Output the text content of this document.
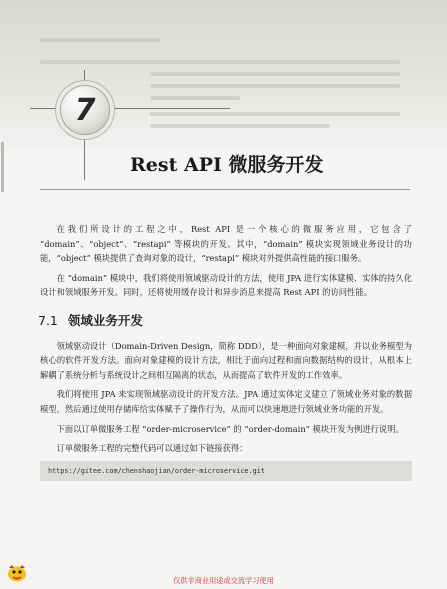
7
Rest API 微服务开发

在我们所设计的工程之中，Rest API 是一个核心的微服务应用，它包含了 “domain”、“object”、“restapi” 等模块的开发。其中，“domain” 模块实现领域业务设计的功能，“object” 模块提供了查询对象的设计，“restapi” 模块对外提供高性能的接口服务。

在 “domain” 模块中，我们将使用领域驱动设计的方法，使用 JPA 进行实体建模、实体的持久化设计和领域服务开发。同时，还将使用缓存设计和异步消息来提高 Rest API 的访问性能。

7.1 领域业务开发

领域驱动设计（Domain-Driven Design，简称 DDD），是一种面向对象建模，并以业务模型为核心的软件开发方法。面向对象建模的设计方法，相比于面向过程和面向数据结构的设计，从根本上解耦了系统分析与系统设计之间相互隔离的状态，从而提高了软件开发的工作效率。

我们将使用 JPA 来实现领域驱动设计的开发方法。JPA 通过实体定义建立了领域业务对象的数据模型，然后通过使用存储库给实体赋予了操作行为，从而可以快速地进行领域业务功能的开发。

下面以订单微服务工程 “order-microservice” 的 “order-domain” 模块开发为例进行说明。

订单微服务工程的完整代码可以通过如下链接获得：

https://gitee.com/chenshaojian/order-microservice.git
仅供非商业用途或交流学习使用
